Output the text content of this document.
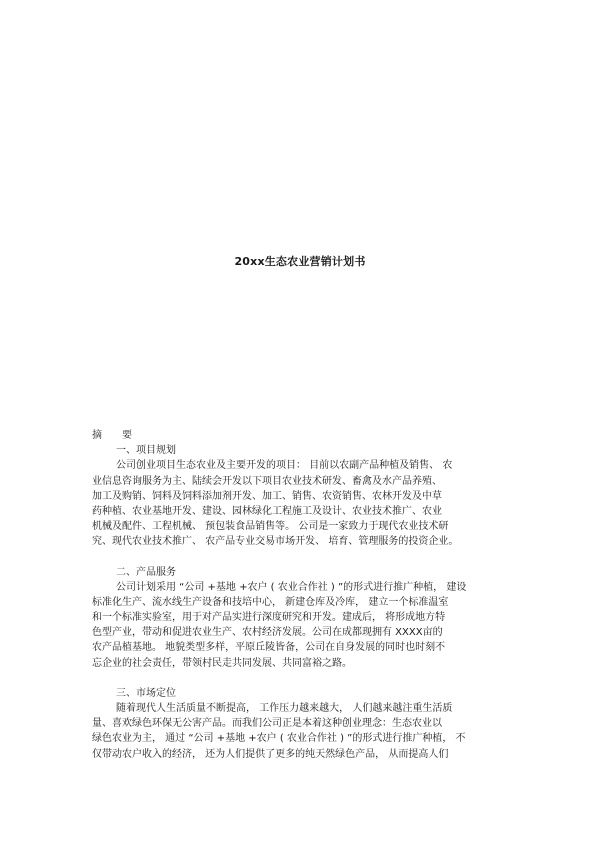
20xx生态农业营销计划书
摘 要
一、项目规划
公司创业项目生态农业及主要开发的项目： 目前以农副产品种植及销售、 农
业信息咨询服务为主、陆续会开发以下项目农业技术研发、畜禽及水产品养殖、
加工及购销、饲料及饲料添加剂开发、加工、销售、农资销售、农林开发及中草
药种植、农业基地开发、建设、园林绿化工程施工及设计、农业技术推广、农业
机械及配件、工程机械、 预包装食品销售等。 公司是一家致力于现代农业技术研
究、现代农业技术推广、 农产品专业交易市场开发、 培育、管理服务的投资企业。
二、产品服务
公司计划采用 “公司 +基地 +农户 ( 农业合作社 ) ”的形式进行推广种植， 建设
标准化生产、流水线生产设备和技培中心， 新建仓库及冷库， 建立一个标准温室
和一个标准实验室，用于对产品实进行深度研究和开发。建成后， 将形成地方特
色型产业，带动和促进农业生产、农村经济发展。公司在成都现拥有 XXXX亩的
农产品植基地。 地貌类型多样，平原丘陵皆备，公司在自身发展的同时也时刻不
忘企业的社会责任，带领村民走共同发展、共同富裕之路。
三、市场定位
随着现代人生活质量不断提高， 工作压力越来越大， 人们越来越注重生活质
量、喜欢绿色环保无公害产品。而我们公司正是本着这种创业理念：生态农业以
绿色农业为主， 通过 “公司 +基地 +农户 ( 农业合作社 ) ”的形式进行推广种植， 不
仅带动农户收入的经济， 还为人们提供了更多的纯天然绿色产品， 从而提高人们
